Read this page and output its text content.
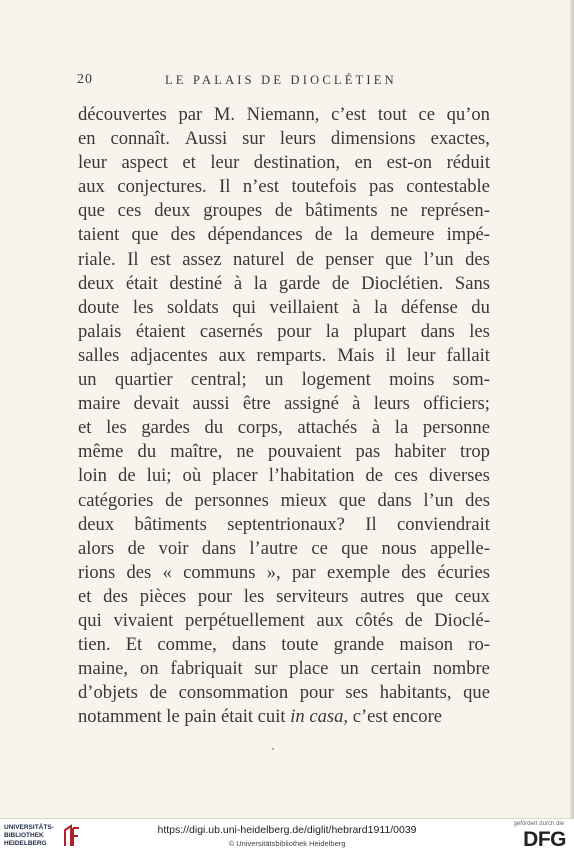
20	LE PALAIS DE DIOCLÉTIEN
découvertes par M. Niemann, c’est tout ce qu’on
en connaît. Aussi sur leurs dimensions exactes,
leur aspect et leur destination, en est-on réduit
aux conjectures. Il n’est toutefois pas contestable
que ces deux groupes de bâtiments ne représen-
taient que des dépendances de la demeure impé-
riale. Il est assez naturel de penser que l’un des
deux était destiné à la garde de Dioclétien. Sans
doute les soldats qui veillaient à la défense du
palais étaient casernés pour la plupart dans les
salles adjacentes aux remparts. Mais il leur fallait
un quartier central; un logement moins som-
maire devait aussi être assigné à leurs officiers;
et les gardes du corps, attachés à la personne
même du maître, ne pouvaient pas habiter trop
loin de lui; où placer l’habitation de ces diverses
catégories de personnes mieux que dans l’un des
deux bâtiments septentrionaux? Il conviendrait
alors de voir dans l’autre ce que nous appelle-
rions des « communs », par exemple des écuries
et des pièces pour les serviteurs autres que ceux
qui vivaient perpétuellement aux côtés de Dioclé-
tien. Et comme, dans toute grande maison ro-
maine, on fabriquait sur place un certain nombre
d’objets de consommation pour ses habitants, que
notamment le pain était cuit
in casa,
c’est encore
UNIVERSITÄTS-
BIBLIOTHEK
HEIDELBERG
https://digi.ub.uni-heidelberg.de/diglit/hebrard1911/0039
© Universitätsbibliothek Heidelberg
gefördert durch die
DFG
